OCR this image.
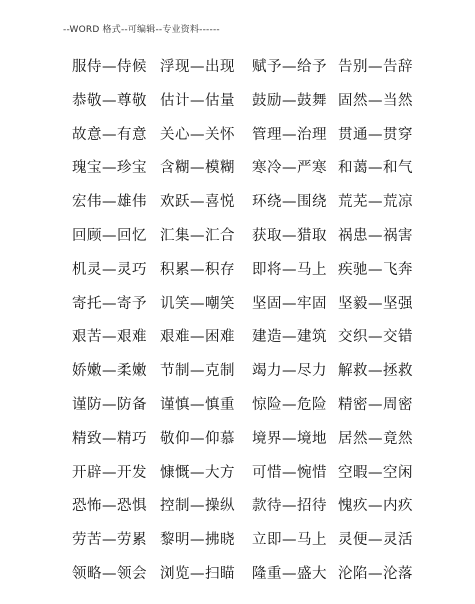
--WORD 格式--可编辑--专业资料------
服侍—侍候 浮现—出现	赋予—给予 告别—告辞
恭敬—尊敬 估计—估量	鼓励—鼓舞 固然—当然
故意—有意 关心—关怀	管理—治理 贯通—贯穿
瑰宝—珍宝 含糊—模糊	寒冷—严寒 和蔼—和气
宏伟—雄伟 欢跃—喜悦	环绕—围绕 荒芜—荒凉
回顾—回忆 汇集—汇合	获取—猎取 祸患—祸害
机灵—灵巧 积累—积存	即将—马上 疾驰—飞奔
寄托—寄予 讥笑—嘲笑	坚固—牢固 坚毅—坚强
艰苦—艰难 艰难—困难	建造—建筑 交织—交错
娇嫩—柔嫩 节制—克制	竭力—尽力 解救—拯救
谨防—防备 谨慎—慎重	惊险—危险 精密—周密
精致—精巧 敬仰—仰慕	境界—境地 居然—竟然
开辟—开发 慷慨—大方	可惜—惋惜 空暇—空闲
恐怖—恐惧 控制—操纵	款待—招待 愧疚—内疚
劳苦—劳累 黎明—拂晓	立即—马上 灵便—灵活
领略—领会 浏览—扫瞄	隆重—盛大 沦陷—沦落
